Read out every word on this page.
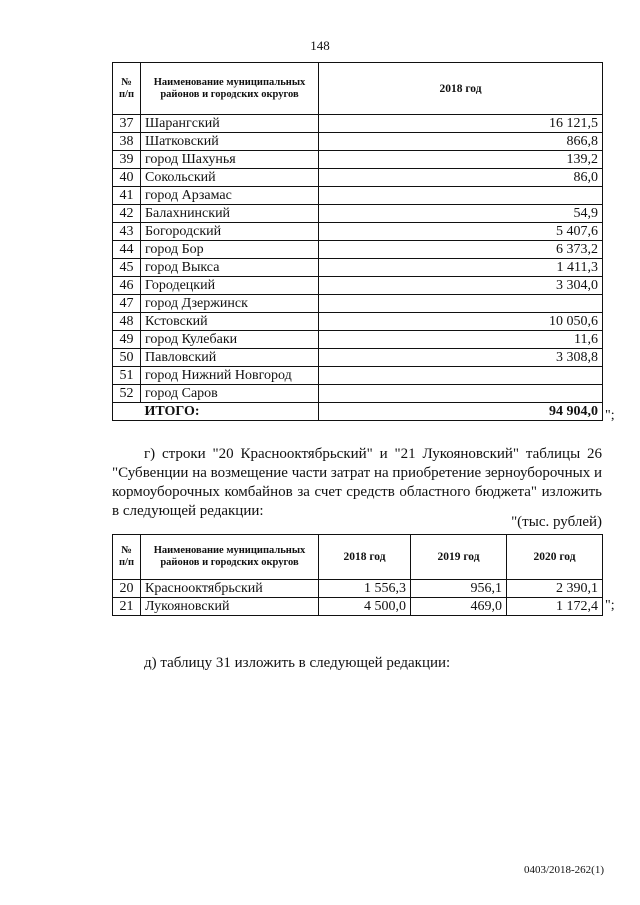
148
№ п/п	Наименование муниципальных районов и городских округов	2018 год
37	Шарангский	16 121,5
38	Шатковский	866,8
39	город Шахунья	139,2
40	Сокольский	86,0
41	город Арзамас	
42	Балахнинский	54,9
43	Богородский	5 407,6
44	город Бор	6 373,2
45	город Выкса	1 411,3
46	Городецкий	3 304,0
47	город Дзержинск	
48	Кстовский	10 050,6
49	город Кулебаки	11,6
50	Павловский	3 308,8
51	город Нижний Новгород	
52	город Саров	
	ИТОГО:	94 904,0 ";
г) строки "20 Краснооктябрьский" и "21 Лукояновский" таблицы 26 "Субвенции на возмещение части затрат на приобретение зерноуборочных и кормоуборочных комбайнов за счет средств областного бюджета" изложить в следующей редакции:
"(тыс. рублей)
№ п/п	Наименование муниципальных районов и городских округов	2018 год	2019 год	2020 год
20	Краснооктябрьский	1 556,3	956,1	2 390,1
21	Лукояновский	4 500,0	469,0	1 172,4 ";
д) таблицу 31 изложить в следующей редакции:
0403/2018-262(1)
